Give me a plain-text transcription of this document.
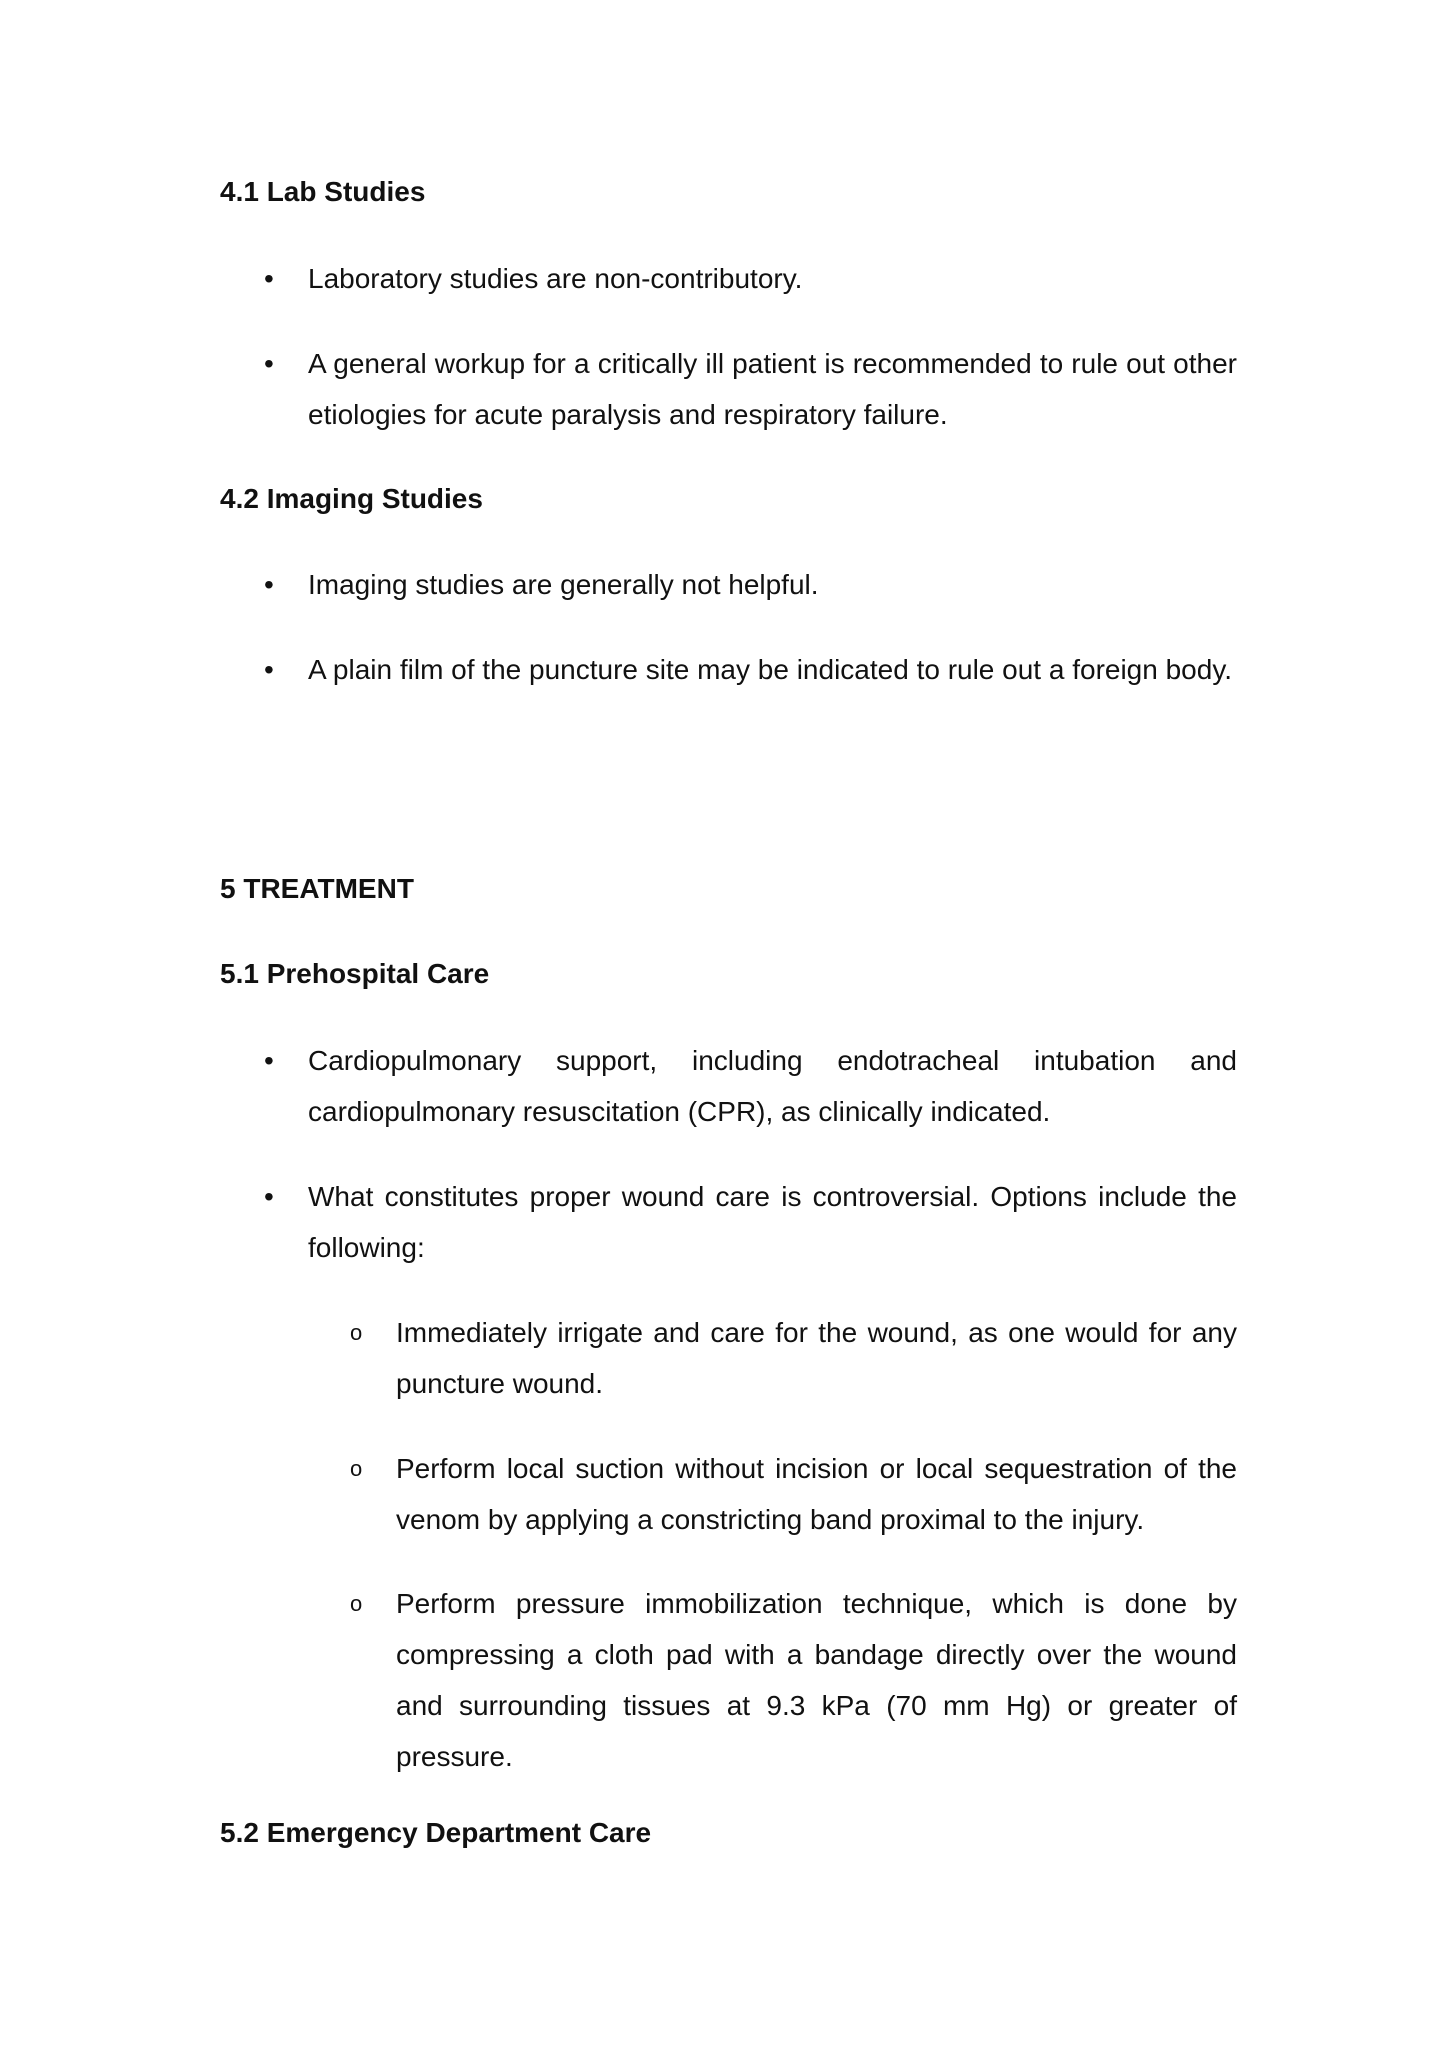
4.1 Lab Studies
• Laboratory studies are non-contributory.
• A general workup for a critically ill patient is recommended to rule out other etiologies for acute paralysis and respiratory failure.
4.2 Imaging Studies
• Imaging studies are generally not helpful.
• A plain film of the puncture site may be indicated to rule out a foreign body.
5 TREATMENT
5.1 Prehospital Care
• Cardiopulmonary support, including endotracheal intubation and cardiopulmonary resuscitation (CPR), as clinically indicated.
• What constitutes proper wound care is controversial. Options include the following:
o Immediately irrigate and care for the wound, as one would for any puncture wound.
o Perform local suction without incision or local sequestration of the venom by applying a constricting band proximal to the injury.
o Perform pressure immobilization technique, which is done by compressing a cloth pad with a bandage directly over the wound and surrounding tissues at 9.3 kPa (70 mm Hg) or greater of pressure.
5.2 Emergency Department Care
